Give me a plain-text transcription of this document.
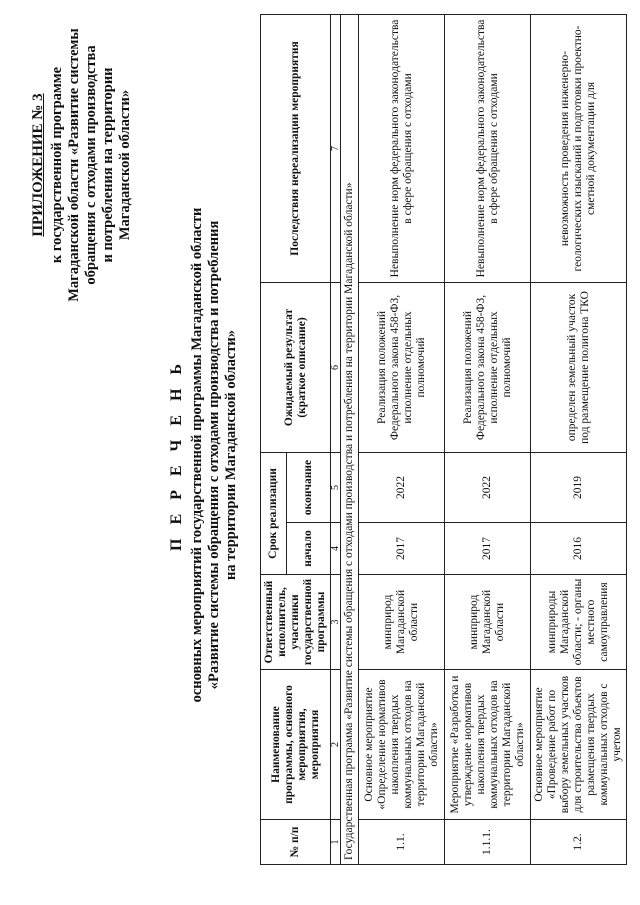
ПРИЛОЖЕНИЕ № 3 к государственной программе Магаданской области «Развитие системы обращения с отходами производства и потребления на территории Магаданской области»
П Е Р Е Ч Е Н Ь основных мероприятий государственной программы Магаданской области «Развитие системы обращения с отходами производства и потребления на территории Магаданской области»
№ п/п	Наименование программы, основного мероприятия, мероприятия	Ответственный исполнитель, участники государственной программы	Срок реализации		Ожидаемый результат (краткое описание)	Последствия нереализации мероприятия
			начало	окончание		
1	2	3	4	5	6	7
Государственная программа «Развитие системы обращения с отходами производства и потребления на территории Магаданской области»						
1.1.	Основное мероприятие «Определение нормативов накопления твердых коммунальных отходов на территории Магаданской области»	минприрод Магаданской области	2017	2022	Реализация положений Федерального закона 458-ФЗ, исполнение отдельных полномочий	Невыполнение норм федерального законодательства в сфере обращения с отходами
1.1.1.	Мероприятие «Разработка и утверждение нормативов накопления твердых коммунальных отходов на территории Магаданской области»	минприрод Магаданской области	2017	2022	Реализация положений Федерального закона 458-ФЗ, исполнение отдельных полномочий	Невыполнение норм федерального законодательства в сфере обращения с отходами
1.2.	Основное мероприятие «Проведение работ по выбору земельных участков для строительства объектов размещения твердых коммунальных отходов с учетом	минприроды Магаданской области; - органы местного самоуправления	2016	2019	определен земельный участок под размещение полигона ТКО	невозможность проведения инженерно-геологических изысканий и подготовки проектно-сметной документации для
